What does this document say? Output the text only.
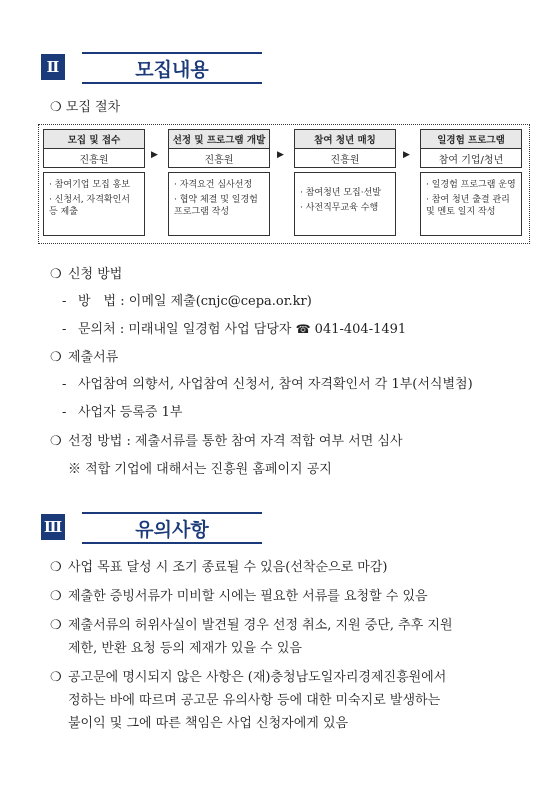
Ⅱ	모집내용
❍ 모집 절차
모집 및 접수
진흥원
· 참여기업 모집 홍보
· 신청서, 자격확인서 등 제출
▶
선정 및 프로그램 개발
진흥원
· 자격요건 심사선정
· 협약 체결 및 일경험 프로그램 작성
▶
참여 청년 매칭
진흥원
· 참여청년 모집·선발
· 사전직무교육 수행
▶
일경험 프로그램
참여 기업/청년
· 일경험 프로그램 운영
· 참여 청년 출결 관리 및 멘토 일지 작성
❍ 신청 방법
- 방　법 : 이메일 제출(cnjc@cepa.or.kr)
- 문의처 : 미래내일 일경험 사업 담당자 ☎ 041-404-1491
❍ 제출서류
- 사업참여 의향서, 사업참여 신청서, 참여 자격확인서 각 1부(서식별첨)
- 사업자 등록증 1부
❍ 선정 방법 : 제출서류를 통한 참여 자격 적합 여부 서면 심사
※ 적합 기업에 대해서는 진흥원 홈페이지 공지
Ⅲ	유의사항
❍ 사업 목표 달성 시 조기 종료될 수 있음(선착순으로 마감)
❍ 제출한 증빙서류가 미비할 시에는 필요한 서류를 요청할 수 있음
❍ 제출서류의 허위사실이 발견될 경우 선정 취소, 지원 중단, 추후 지원
제한, 반환 요청 등의 제재가 있을 수 있음
❍ 공고문에 명시되지 않은 사항은 (재)충청남도일자리경제진흥원에서
정하는 바에 따르며 공고문 유의사항 등에 대한 미숙지로 발생하는
불이익 및 그에 따른 책임은 사업 신청자에게 있음
